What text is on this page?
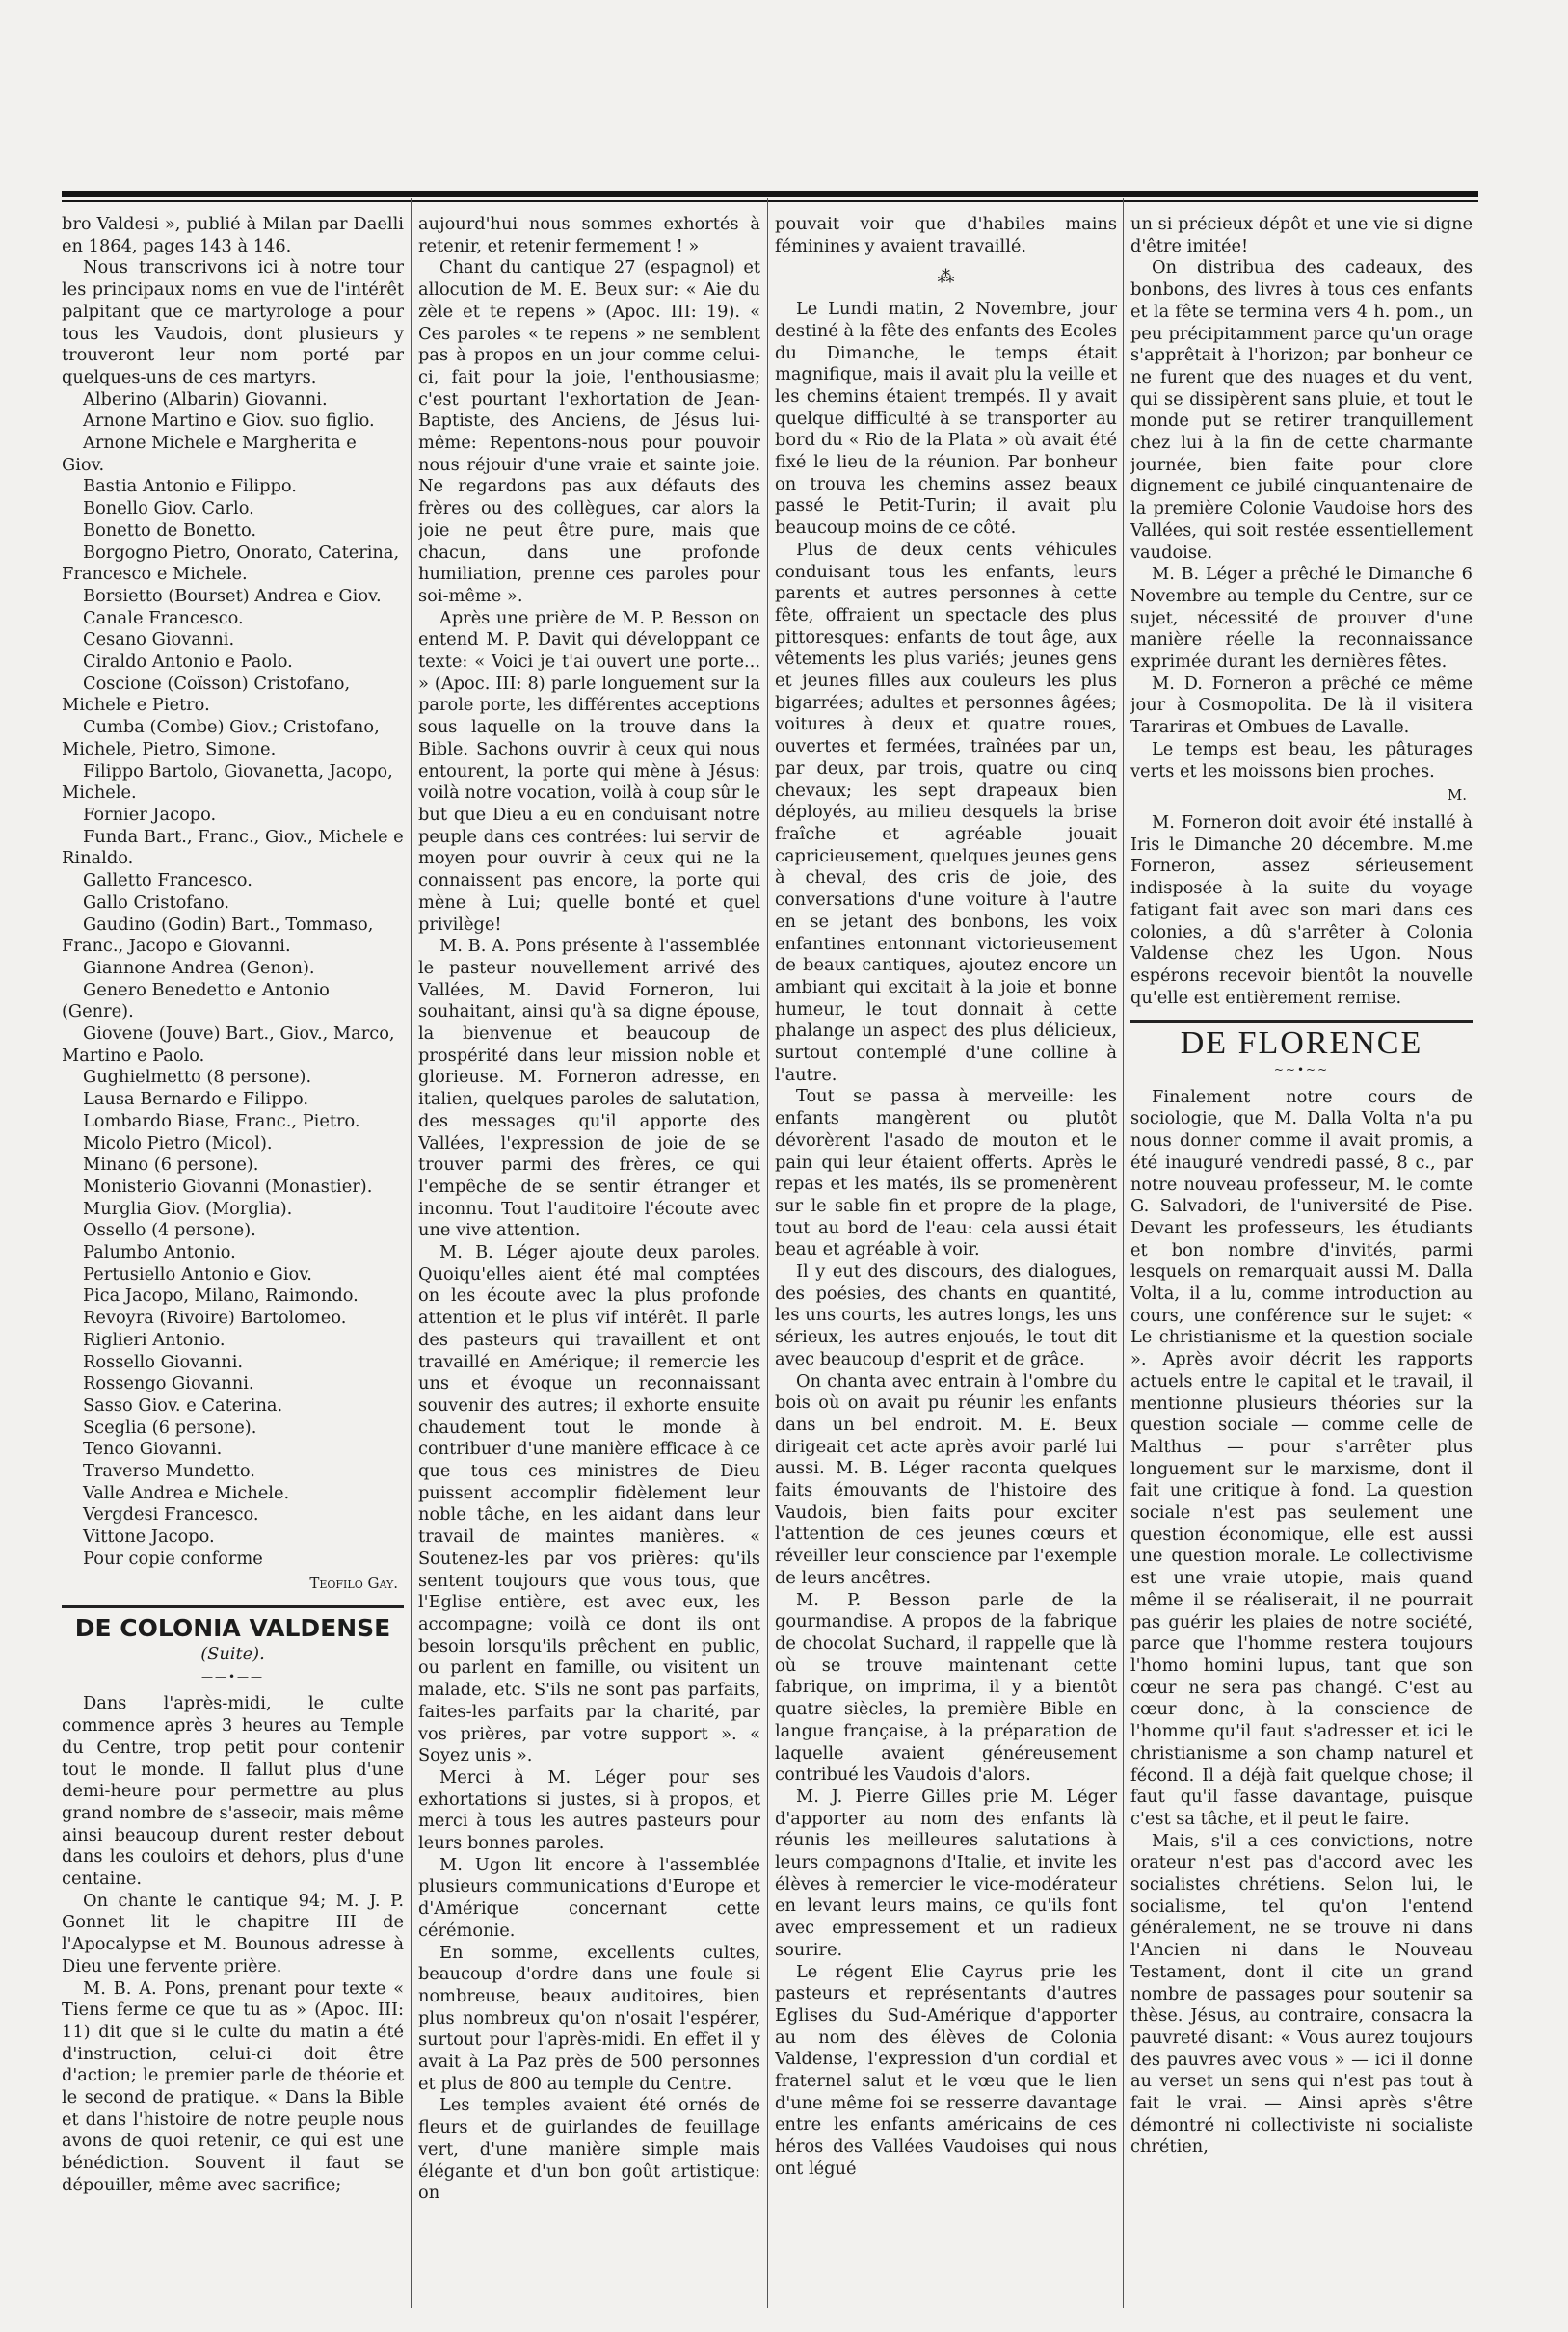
bro Valdesi », publié à Milan par Daelli en 1864, pages 143 à 146.

Nous transcrivons ici à notre tour les principaux noms en vue de l'intérêt palpitant que ce martyrologe a pour tous les Vaudois, dont plusieurs y trouveront leur nom porté par quelques-uns de ces martyrs.

Alberino (Albarin) Giovanni.

Arnone Martino e Giov. suo figlio.

Arnone Michele e Margherita e Giov.

Bastia Antonio e Filippo.

Bonello Giov. Carlo.

Bonetto de Bonetto.

Borgogno Pietro, Onorato, Caterina, Francesco e Michele.

Borsietto (Bourset) Andrea e Giov.

Canale Francesco.

Cesano Giovanni.

Ciraldo Antonio e Paolo.

Coscione (Coïsson) Cristofano, Michele e Pietro.

Cumba (Combe) Giov.; Cristofano, Michele, Pietro, Simone.

Filippo Bartolo, Giovanetta, Jacopo, Michele.

Fornier Jacopo.

Funda Bart., Franc., Giov., Michele e Rinaldo.

Galletto Francesco.

Gallo Cristofano.

Gaudino (Godin) Bart., Tommaso, Franc., Jacopo e Giovanni.

Giannone Andrea (Genon).

Genero Benedetto e Antonio (Genre).

Giovene (Jouve) Bart., Giov., Marco, Martino e Paolo.

Gughielmetto (8 persone).

Lausa Bernardo e Filippo.

Lombardo Biase, Franc., Pietro.

Micolo Pietro (Micol).

Minano (6 persone).

Monisterio Giovanni (Monastier).

Murglia Giov. (Morglia).

Ossello (4 persone).

Palumbo Antonio.

Pertusiello Antonio e Giov.

Pica Jacopo, Milano, Raimondo.

Revoyra (Rivoire) Bartolomeo.

Riglieri Antonio.

Rossello Giovanni.

Rossengo Giovanni.

Sasso Giov. e Caterina.

Sceglia (6 persone).

Tenco Giovanni.

Traverso Mundetto.

Valle Andrea e Michele.

Vergdesi Francesco.

Vittone Jacopo.

Pour copie conforme

Teofilo Gay.

DE COLONIA VALDENSE

(Suite).

——•——

Dans l'après-midi, le culte commence après 3 heures au Temple du Centre, trop petit pour contenir tout le monde. Il fallut plus d'une demi-heure pour permettre au plus grand nombre de s'asseoir, mais même ainsi beaucoup durent rester debout dans les couloirs et dehors, plus d'une centaine.

On chante le cantique 94; M. J. P. Gonnet lit le chapitre III de l'Apocalypse et M. Bounous adresse à Dieu une fervente prière.

M. B. A. Pons, prenant pour texte « Tiens ferme ce que tu as » (Apoc. III: 11) dit que si le culte du matin a été d'instruction, celui-ci doit être d'action; le premier parle de théorie et le second de pratique. « Dans la Bible et dans l'histoire de notre peuple nous avons de quoi retenir, ce qui est une bénédiction. Souvent il faut se dépouiller, même avec sacrifice;

aujourd'hui nous sommes exhortés à retenir, et retenir fermement ! »

Chant du cantique 27 (espagnol) et allocution de M. E. Beux sur: « Aie du zèle et te repens » (Apoc. III: 19). « Ces paroles « te repens » ne semblent pas à propos en un jour comme celui-ci, fait pour la joie, l'enthousiasme; c'est pourtant l'exhortation de Jean-Baptiste, des Anciens, de Jésus lui-même: Repentons-nous pour pouvoir nous réjouir d'une vraie et sainte joie. Ne regardons pas aux défauts des frères ou des collègues, car alors la joie ne peut être pure, mais que chacun, dans une profonde humiliation, prenne ces paroles pour soi-même ».

Après une prière de M. P. Besson on entend M. P. Davit qui développant ce texte: « Voici je t'ai ouvert une porte... » (Apoc. III: 8) parle longuement sur la parole porte, les différentes acceptions sous laquelle on la trouve dans la Bible. Sachons ouvrir à ceux qui nous entourent, la porte qui mène à Jésus: voilà notre vocation, voilà à coup sûr le but que Dieu a eu en conduisant notre peuple dans ces contrées: lui servir de moyen pour ouvrir à ceux qui ne la connaissent pas encore, la porte qui mène à Lui; quelle bonté et quel privilège!

M. B. A. Pons présente à l'assemblée le pasteur nouvellement arrivé des Vallées, M. David Forneron, lui souhaitant, ainsi qu'à sa digne épouse, la bienvenue et beaucoup de prospérité dans leur mission noble et glorieuse. M. Forneron adresse, en italien, quelques paroles de salutation, des messages qu'il apporte des Vallées, l'expression de joie de se trouver parmi des frères, ce qui l'empêche de se sentir étranger et inconnu. Tout l'auditoire l'écoute avec une vive attention.

M. B. Léger ajoute deux paroles. Quoiqu'elles aient été mal comptées on les écoute avec la plus profonde attention et le plus vif intérêt. Il parle des pasteurs qui travaillent et ont travaillé en Amérique; il remercie les uns et évoque un reconnaissant souvenir des autres; il exhorte ensuite chaudement tout le monde à contribuer d'une manière efficace à ce que tous ces ministres de Dieu puissent accomplir fidèlement leur noble tâche, en les aidant dans leur travail de maintes manières. « Soutenez-les par vos prières: qu'ils sentent toujours que vous tous, que l'Eglise entière, est avec eux, les accompagne; voilà ce dont ils ont besoin lorsqu'ils prêchent en public, ou parlent en famille, ou visitent un malade, etc. S'ils ne sont pas parfaits, faites-les parfaits par la charité, par vos prières, par votre support ». « Soyez unis ».

Merci à M. Léger pour ses exhortations si justes, si à propos, et merci à tous les autres pasteurs pour leurs bonnes paroles.

M. Ugon lit encore à l'assemblée plusieurs communications d'Europe et d'Amérique concernant cette cérémonie.

En somme, excellents cultes, beaucoup d'ordre dans une foule si nombreuse, beaux auditoires, bien plus nombreux qu'on n'osait l'espérer, surtout pour l'après-midi. En effet il y avait à La Paz près de 500 personnes et plus de 800 au temple du Centre.

Les temples avaient été ornés de fleurs et de guirlandes de feuillage vert, d'une manière simple mais élégante et d'un bon goût artistique: on

pouvait voir que d'habiles mains féminines y avaient travaillé.

⁂

Le Lundi matin, 2 Novembre, jour destiné à la fête des enfants des Ecoles du Dimanche, le temps était magnifique, mais il avait plu la veille et les chemins étaient trempés. Il y avait quelque difficulté à se transporter au bord du « Rio de la Plata » où avait été fixé le lieu de la réunion. Par bonheur on trouva les chemins assez beaux passé le Petit-Turin; il avait plu beaucoup moins de ce côté.

Plus de deux cents véhicules conduisant tous les enfants, leurs parents et autres personnes à cette fête, offraient un spectacle des plus pittoresques: enfants de tout âge, aux vêtements les plus variés; jeunes gens et jeunes filles aux couleurs les plus bigarrées; adultes et personnes âgées; voitures à deux et quatre roues, ouvertes et fermées, traînées par un, par deux, par trois, quatre ou cinq chevaux; les sept drapeaux bien déployés, au milieu desquels la brise fraîche et agréable jouait capricieusement, quelques jeunes gens à cheval, des cris de joie, des conversations d'une voiture à l'autre en se jetant des bonbons, les voix enfantines entonnant victorieusement de beaux cantiques, ajoutez encore un ambiant qui excitait à la joie et bonne humeur, le tout donnait à cette phalange un aspect des plus délicieux, surtout contemplé d'une colline à l'autre.

Tout se passa à merveille: les enfants mangèrent ou plutôt dévorèrent l'asado de mouton et le pain qui leur étaient offerts. Après le repas et les matés, ils se promenèrent sur le sable fin et propre de la plage, tout au bord de l'eau: cela aussi était beau et agréable à voir.

Il y eut des discours, des dialogues, des poésies, des chants en quantité, les uns courts, les autres longs, les uns sérieux, les autres enjoués, le tout dit avec beaucoup d'esprit et de grâce.

On chanta avec entrain à l'ombre du bois où on avait pu réunir les enfants dans un bel endroit. M. E. Beux dirigeait cet acte après avoir parlé lui aussi. M. B. Léger raconta quelques faits émouvants de l'histoire des Vaudois, bien faits pour exciter l'attention de ces jeunes cœurs et réveiller leur conscience par l'exemple de leurs ancêtres.

M. P. Besson parle de la gourmandise. A propos de la fabrique de chocolat Suchard, il rappelle que là où se trouve maintenant cette fabrique, on imprima, il y a bientôt quatre siècles, la première Bible en langue française, à la préparation de laquelle avaient généreusement contribué les Vaudois d'alors.

M. J. Pierre Gilles prie M. Léger d'apporter au nom des enfants là réunis les meilleures salutations à leurs compagnons d'Italie, et invite les élèves à remercier le vice-modérateur en levant leurs mains, ce qu'ils font avec empressement et un radieux sourire.

Le régent Elie Cayrus prie les pasteurs et représentants d'autres Eglises du Sud-Amérique d'apporter au nom des élèves de Colonia Valdense, l'expression d'un cordial et fraternel salut et le vœu que le lien d'une même foi se resserre davantage entre les enfants américains de ces héros des Vallées Vaudoises qui nous ont légué

un si précieux dépôt et une vie si digne d'être imitée!

On distribua des cadeaux, des bonbons, des livres à tous ces enfants et la fête se termina vers 4 h. pom., un peu précipitamment parce qu'un orage s'apprêtait à l'horizon; par bonheur ce ne furent que des nuages et du vent, qui se dissipèrent sans pluie, et tout le monde put se retirer tranquillement chez lui à la fin de cette charmante journée, bien faite pour clore dignement ce jubilé cinquantenaire de la première Colonie Vaudoise hors des Vallées, qui soit restée essentiellement vaudoise.

M. B. Léger a prêché le Dimanche 6 Novembre au temple du Centre, sur ce sujet, nécessité de prouver d'une manière réelle la reconnaissance exprimée durant les dernières fêtes.

M. D. Forneron a prêché ce même jour à Cosmopolita. De là il visitera Tarariras et Ombues de Lavalle.

Le temps est beau, les pâturages verts et les moissons bien proches.

M.

M. Forneron doit avoir été installé à Iris le Dimanche 20 décembre. M.me Forneron, assez sérieusement indisposée à la suite du voyage fatigant fait avec son mari dans ces colonies, a dû s'arrêter à Colonia Valdense chez les Ugon. Nous espérons recevoir bientôt la nouvelle qu'elle est entièrement remise.

DE FLORENCE

~~•~~

Finalement notre cours de sociologie, que M. Dalla Volta n'a pu nous donner comme il avait promis, a été inauguré vendredi passé, 8 c., par notre nouveau professeur, M. le comte G. Salvadori, de l'université de Pise. Devant les professeurs, les étudiants et bon nombre d'invités, parmi lesquels on remarquait aussi M. Dalla Volta, il a lu, comme introduction au cours, une conférence sur le sujet: « Le christianisme et la question sociale ». Après avoir décrit les rapports actuels entre le capital et le travail, il mentionne plusieurs théories sur la question sociale — comme celle de Malthus — pour s'arrêter plus longuement sur le marxisme, dont il fait une critique à fond. La question sociale n'est pas seulement une question économique, elle est aussi une question morale. Le collectivisme est une vraie utopie, mais quand même il se réaliserait, il ne pourrait pas guérir les plaies de notre société, parce que l'homme restera toujours l'homo homini lupus, tant que son cœur ne sera pas changé. C'est au cœur donc, à la conscience de l'homme qu'il faut s'adresser et ici le christianisme a son champ naturel et fécond. Il a déjà fait quelque chose; il faut qu'il fasse davantage, puisque c'est sa tâche, et il peut le faire.

Mais, s'il a ces convictions, notre orateur n'est pas d'accord avec les socialistes chrétiens. Selon lui, le socialisme, tel qu'on l'entend généralement, ne se trouve ni dans l'Ancien ni dans le Nouveau Testament, dont il cite un grand nombre de passages pour soutenir sa thèse. Jésus, au contraire, consacra la pauvreté disant: « Vous aurez toujours des pauvres avec vous » — ici il donne au verset un sens qui n'est pas tout à fait le vrai. — Ainsi après s'être démontré ni collectiviste ni socialiste chrétien,
